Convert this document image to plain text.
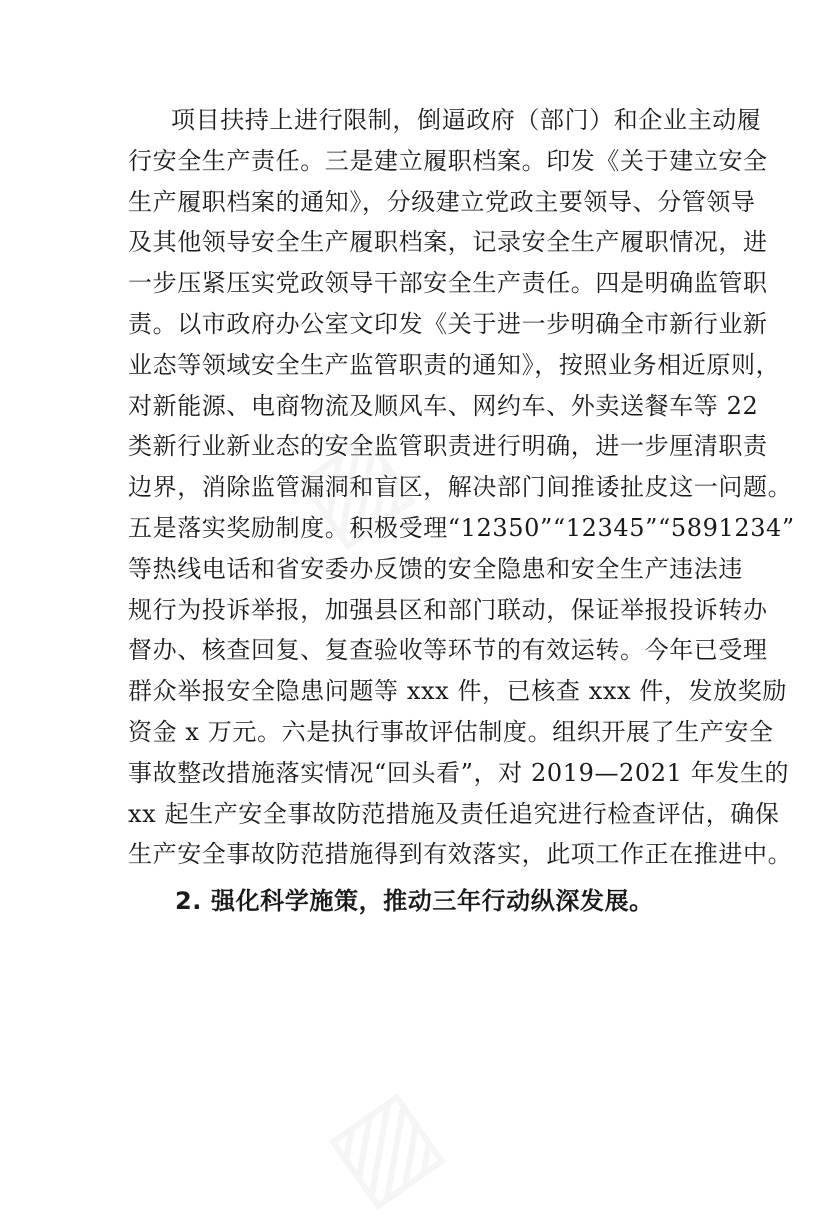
▨
▨
项目扶持上进行限制，倒逼政府（部门）和企业主动履
行安全生产责任。三是建立履职档案。印发《关于建立安全
生产履职档案的通知》，分级建立党政主要领导、分管领导
及其他领导安全生产履职档案，记录安全生产履职情况，进
一步压紧压实党政领导干部安全生产责任。四是明确监管职
责。以市政府办公室文印发《关于进一步明确全市新行业新
业态等领域安全生产监管职责的通知》，按照业务相近原则，
对新能源、电商物流及顺风车、网约车、外卖送餐车等 22
类新行业新业态的安全监管职责进行明确，进一步厘清职责
边界，消除监管漏洞和盲区，解决部门间推诿扯皮这一问题。
五是落实奖励制度。积极受理“12350”“12345”“5891234”
等热线电话和省安委办反馈的安全隐患和安全生产违法违
规行为投诉举报，加强县区和部门联动，保证举报投诉转办
督办、核查回复、复查验收等环节的有效运转。今年已受理
群众举报安全隐患问题等 xxx 件，已核查 xxx 件，发放奖励
资金 x 万元。六是执行事故评估制度。组织开展了生产安全
事故整改措施落实情况“回头看”，对 2019—2021 年发生的
xx 起生产安全事故防范措施及责任追究进行检查评估，确保
生产安全事故防范措施得到有效落实，此项工作正在推进中。
2. 强化科学施策，推动三年行动纵深发展。
